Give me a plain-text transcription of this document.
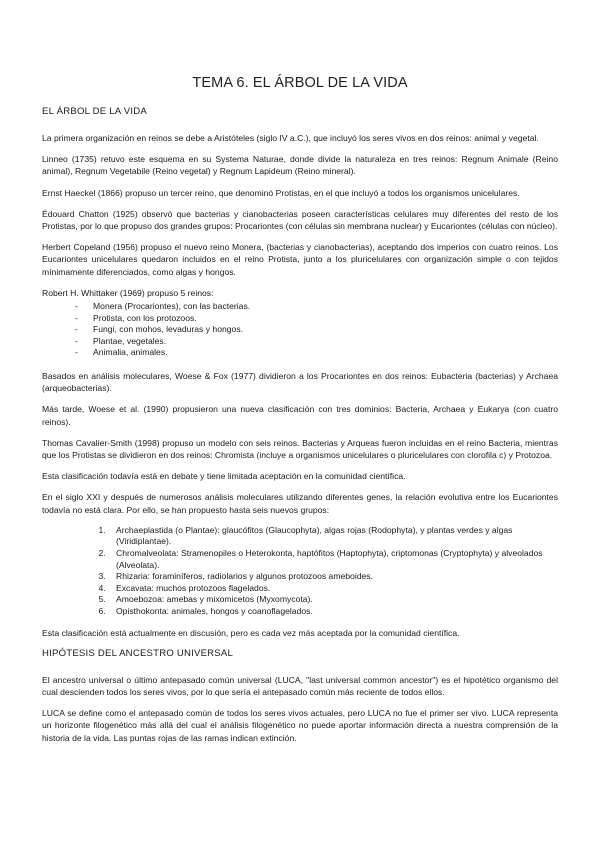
TEMA 6. EL ÁRBOL DE LA VIDA
EL ÁRBOL DE LA VIDA

La primera organización en reinos se debe a Aristóteles (siglo IV a.C.), que incluyó los seres vivos en dos reinos: animal y vegetal.

Linneo (1735) retuvo este esquema en su Systema Naturae, donde divide la naturaleza en tres reinos: Regnum Animale (Reino animal), Regnum Vegetabile (Reino vegetal) y Regnum Lapideum (Reino mineral).

Ernst Haeckel (1866) propuso un tercer reino, que denominó Protistas, en el que incluyó a todos los organismos unicelulares.

Édouard Chatton (1925) observó que bacterias y cianobacterias poseen características celulares muy diferentes del resto de los Protistas, por lo que propuso dos grandes grupos: Procariontes (con células sin membrana nuclear) y Eucariontes (células con núcleo).

Herbert Copeland (1956) propuso el nuevo reino Monera, (bacterias y cianobacterias), aceptando dos imperios con cuatro reinos. Los Eucariontes unicelulares quedaron incluidos en el reino Protista, junto a los pluricelulares con organización simple o con tejidos mínimamente diferenciados, como algas y hongos.

Robert H. Whittaker (1969) propuso 5 reinos:

- Monera (Procariontes), con las bacterias.
- Protista, con los protozoos.
- Fungi, con mohos, levaduras y hongos.
- Plantae, vegetales.
- Animalia, animales.

Basados en análisis moleculares, Woese & Fox (1977) dividieron a los Procariontes en dos reinos: Eubacteria (bacterias) y Archaea (arqueobacterias).

Más tarde, Woese et al. (1990) propusieron una nueva clasificación con tres dominios: Bacteria, Archaea y Eukarya (con cuatro reinos).

Thomas Cavalier-Smith (1998) propuso un modelo con seis reinos. Bacterias y Arqueas fueron incluidas en el reino Bacteria, mientras que los Protistas se dividieron en dos reinos: Chromista (incluye a organismos unicelulares o pluricelulares con clorofila c) y Protozoa.

Esta clasificación todavía está en debate y tiene limitada aceptación en la comunidad científica.

En el siglo XXI y después de numerosos análisis moleculares utilizando diferentes genes, la relación evolutiva entre los Eucariontes todavía no está clara. Por ello, se han propuesto hasta seis nuevos grupos:

1. Archaeplastida (o Plantae): glaucófitos (Glaucophyta), algas rojas (Rodophyta), y plantas verdes y algas (Viridiplantae).
2. Chromalveolata: Stramenopiles o Heterokonta, haptófitos (Haptophyta), criptomonas (Cryptophyta) y alveolados (Alveolata).
3. Rhizaria: foraminíferos, radiolarios y algunos protozoos ameboides.
4. Excavata: muchos protozoos flagelados.
5. Amoebozoa: amebas y mixomicetos (Myxomycota).
6. Opisthokonta: animales, hongos y coanoflagelados.

Esta clasificación está actualmente en discusión, pero es cada vez más aceptada por la comunidad científica.

HIPÓTESIS DEL ANCESTRO UNIVERSAL

El ancestro universal o último antepasado común universal (LUCA, "last universal common ancestor") es el hipotético organismo del cual descienden todos los seres vivos, por lo que sería el antepasado común más reciente de todos ellos.

LUCA se define como el antepasado común de todos los seres vivos actuales, pero LUCA no fue el primer ser vivo. LUCA representa un horizonte filogenético más allá del cual el análisis filogenético no puede aportar información directa a nuestra comprensión de la historia de la vida. Las puntas rojas de las ramas indican extinción.
